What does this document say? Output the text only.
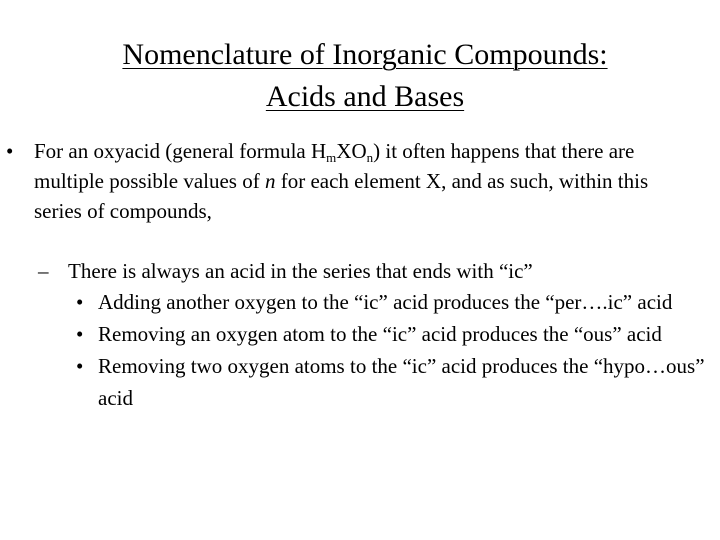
Nomenclature of Inorganic Compounds:
Acids and Bases
• For an oxyacid (general formula $H_mXO_n$) it often happens that there are multiple possible values of n for each element X, and as such, within this series of compounds,
– There is always an acid in the series that ends with “ic”
• Adding another oxygen to the “ic” acid produces the “per….ic” acid
• Removing an oxygen atom to the “ic” acid produces the “ous” acid
• Removing two oxygen atoms to the “ic” acid produces the “hypo…ous” acid
